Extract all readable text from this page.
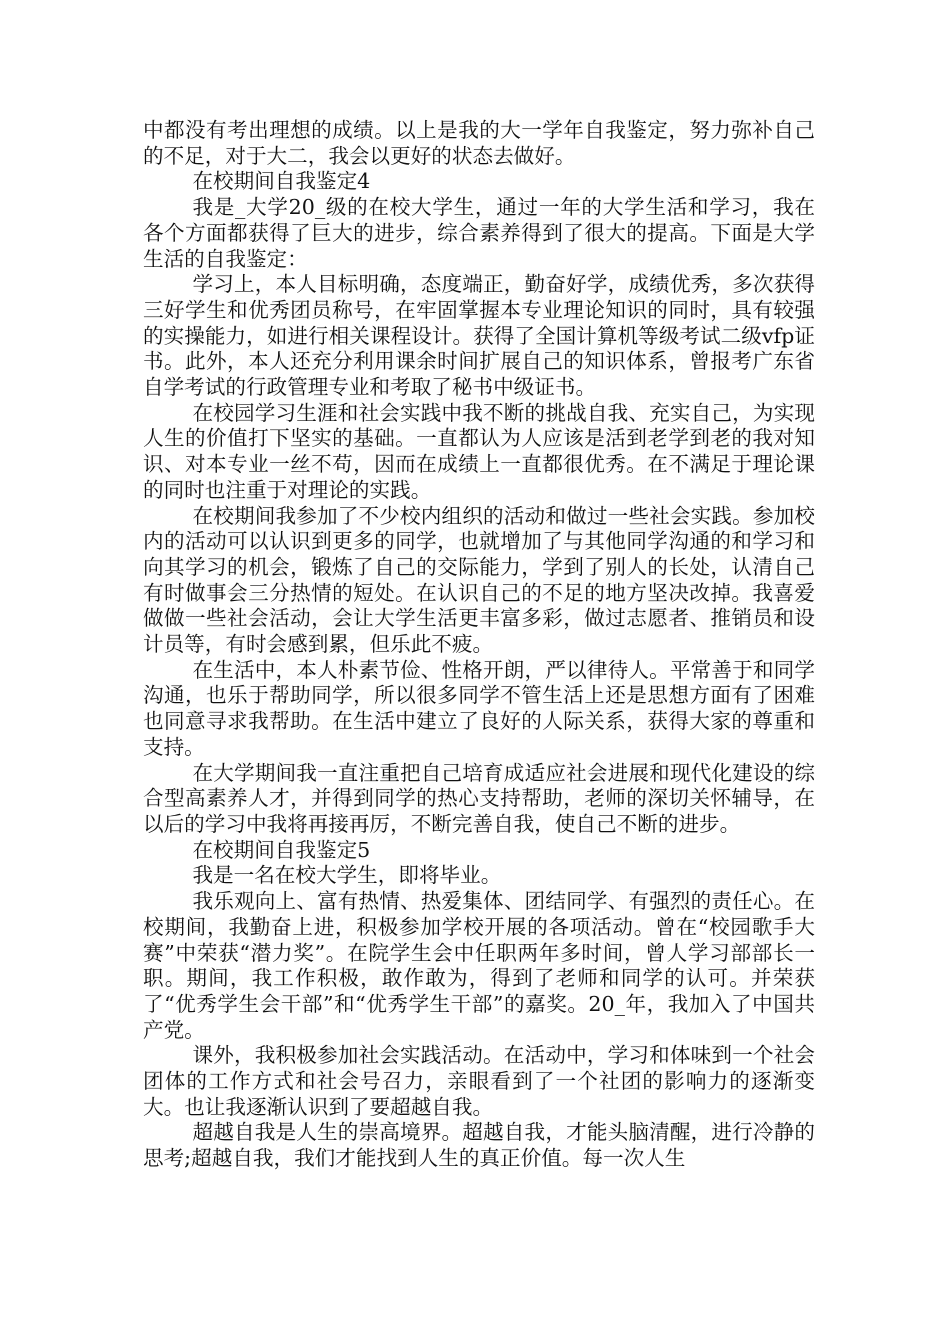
中都没有考出理想的成绩。以上是我的大一学年自我鉴定，努力弥补自己的不足，对于大二，我会以更好的状态去做好。

在校期间自我鉴定4

我是_大学20_级的在校大学生，通过一年的大学生活和学习，我在各个方面都获得了巨大的进步，综合素养得到了很大的提高。下面是大学生活的自我鉴定：

学习上，本人目标明确，态度端正，勤奋好学，成绩优秀，多次获得三好学生和优秀团员称号，在牢固掌握本专业理论知识的同时，具有较强的实操能力，如进行相关课程设计。获得了全国计算机等级考试二级vfp证书。此外，本人还充分利用课余时间扩展自己的知识体系，曾报考广东省自学考试的行政管理专业和考取了秘书中级证书。

在校园学习生涯和社会实践中我不断的挑战自我、充实自己，为实现人生的价值打下坚实的基础。一直都认为人应该是活到老学到老的我对知识、对本专业一丝不苟，因而在成绩上一直都很优秀。在不满足于理论课的同时也注重于对理论的实践。

在校期间我参加了不少校内组织的活动和做过一些社会实践。参加校内的活动可以认识到更多的同学，也就增加了与其他同学沟通的和学习和向其学习的机会，锻炼了自己的交际能力，学到了别人的长处，认清自己有时做事会三分热情的短处。在认识自己的不足的地方坚决改掉。我喜爱做做一些社会活动，会让大学生活更丰富多彩，做过志愿者、推销员和设计员等，有时会感到累，但乐此不疲。

在生活中，本人朴素节俭、性格开朗，严以律待人。平常善于和同学沟通，也乐于帮助同学，所以很多同学不管生活上还是思想方面有了困难也同意寻求我帮助。在生活中建立了良好的人际关系，获得大家的尊重和支持。

在大学期间我一直注重把自己培育成适应社会进展和现代化建设的综合型高素养人才，并得到同学的热心支持帮助，老师的深切关怀辅导，在以后的学习中我将再接再厉，不断完善自我，使自己不断的进步。

在校期间自我鉴定5

我是一名在校大学生，即将毕业。

我乐观向上、富有热情、热爱集体、团结同学、有强烈的责任心。在校期间，我勤奋上进，积极参加学校开展的各项活动。曾在“校园歌手大赛”中荣获“潜力奖”。在院学生会中任职两年多时间，曾人学习部部长一职。期间，我工作积极，敢作敢为，得到了老师和同学的认可。并荣获了“优秀学生会干部”和“优秀学生干部”的嘉奖。20_年，我加入了中国共产党。

课外，我积极参加社会实践活动。在活动中，学习和体味到一个社会团体的工作方式和社会号召力，亲眼看到了一个社团的影响力的逐渐变大。也让我逐渐认识到了要超越自我。

超越自我是人生的崇高境界。超越自我，才能头脑清醒，进行冷静的思考;超越自我，我们才能找到人生的真正价值。每一次人生
